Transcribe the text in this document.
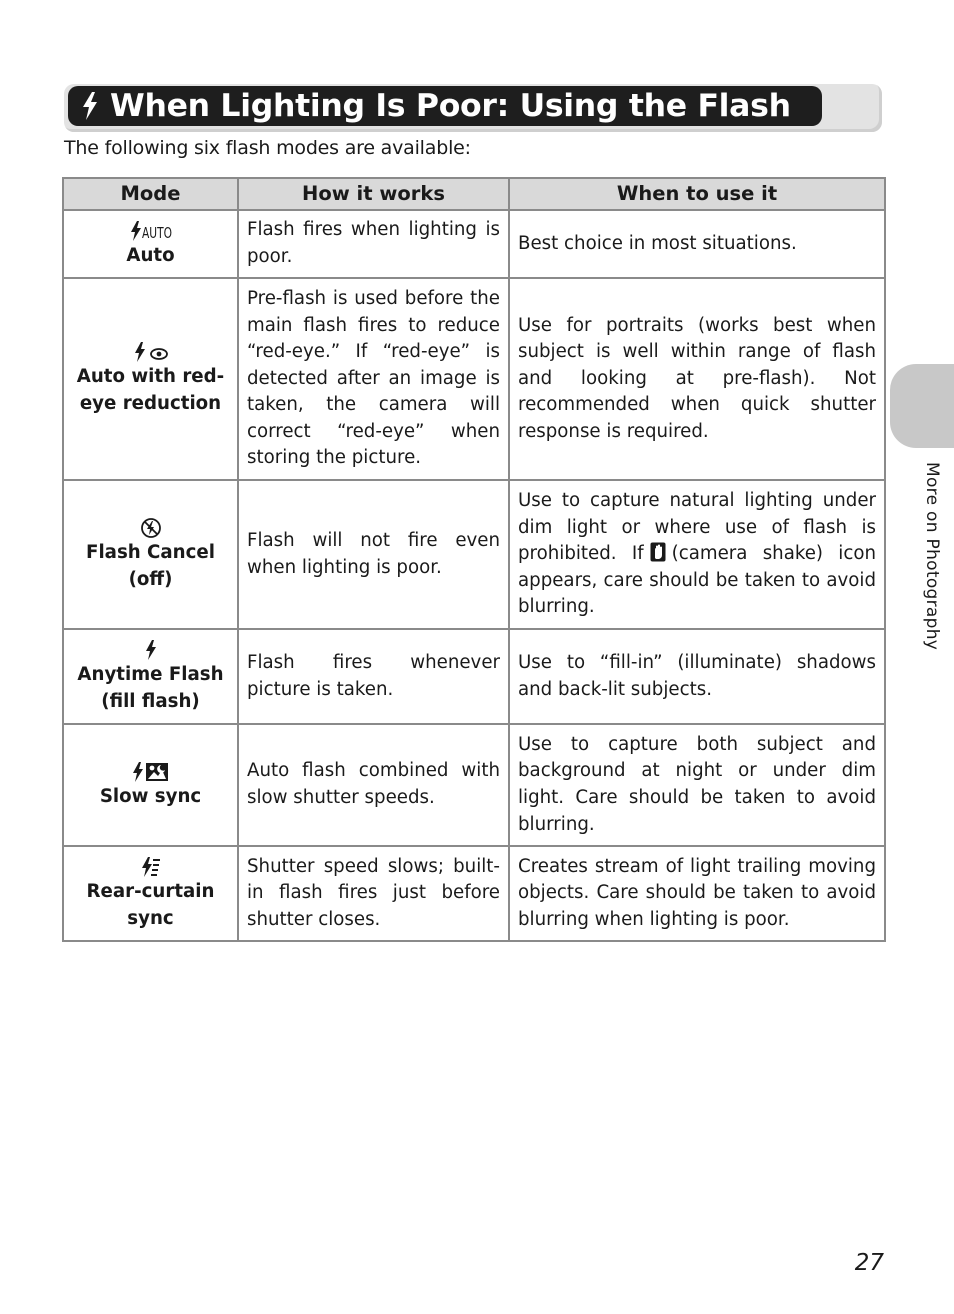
When Lighting Is Poor: Using the Flash
The following six flash modes are available:
Mode	How it works	When to use it

AUTO
Auto	Flash fires when lighting is poor.	Best choice in most situations.

Auto with red-eye reduction	Pre-flash is used before the main flash fires to reduce “red-eye.” If “red-eye” is detected after an image is taken, the camera will correct “red-eye” when storing the picture.	Use for portraits (works best when subject is well within range of flash and looking at pre-flash). Not recommended when quick shutter response is required.

Flash Cancel (off)	Flash will not fire even when lighting is poor.	Use to capture natural lighting under dim light or where use of flash is prohibited. If (camera shake) icon appears, care should be taken to avoid blurring.

Anytime Flash (fill flash)	Flash fires whenever picture is taken.	Use to “fill-in” (illuminate) shadows and back-lit subjects.

Slow sync	Auto flash combined with slow shutter speeds.	Use to capture both subject and background at night or under dim light. Care should be taken to avoid blurring.

Rear-curtain sync	Shutter speed slows; built-in flash fires just before shutter closes.	Creates stream of light trailing moving objects. Care should be taken to avoid blurring when lighting is poor.
More on Photography
27
